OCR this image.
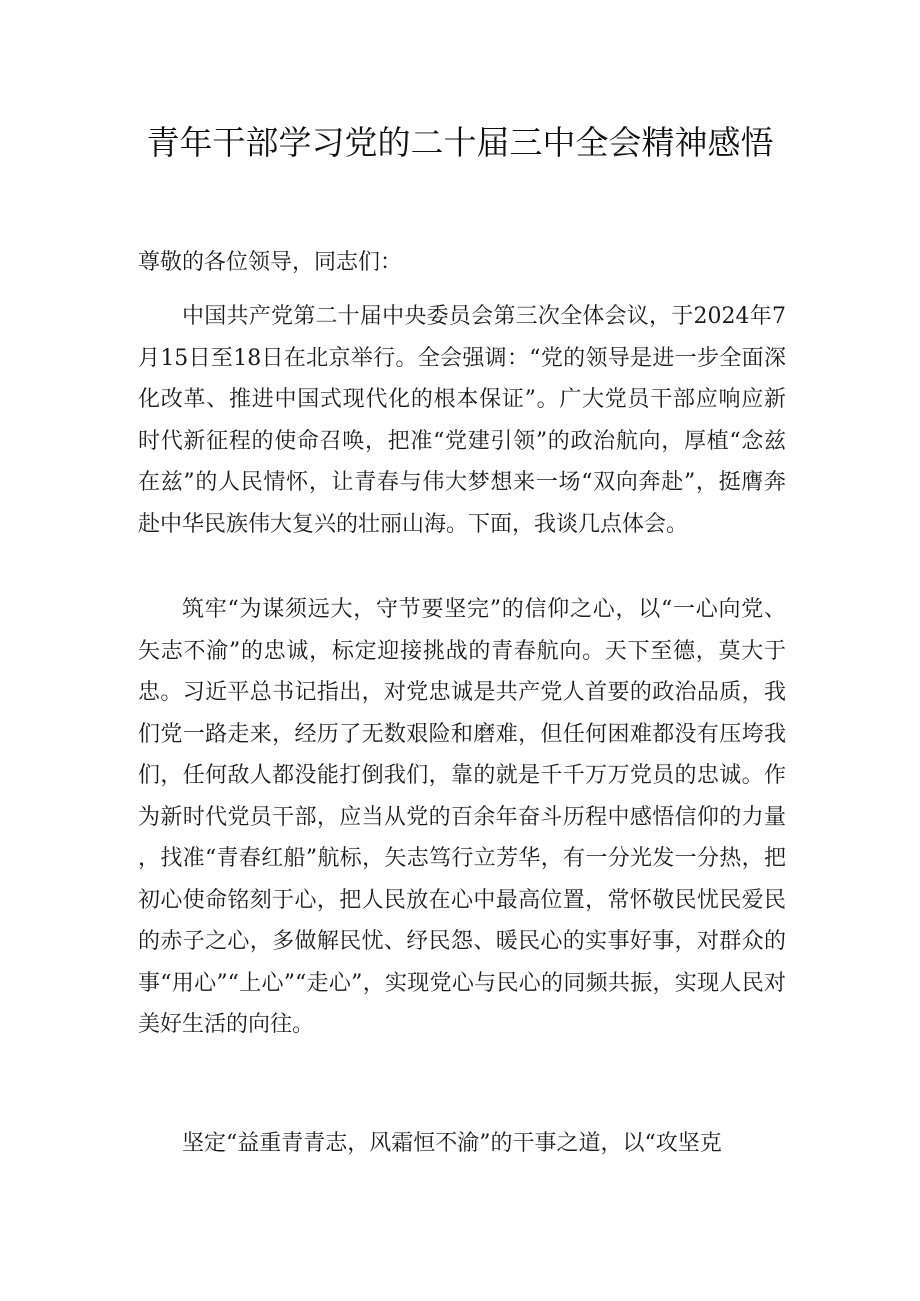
青年干部学习党的二十届三中全会精神感悟

尊敬的各位领导，同志们：

中国共产党第二十届中央委员会第三次全体会议，于2024年7月15日至18日在北京举行。全会强调：“党的领导是进一步全面深化改革、推进中国式现代化的根本保证”。广大党员干部应响应新时代新征程的使命召唤，把准“党建引领”的政治航向，厚植“念兹在兹”的人民情怀，让青春与伟大梦想来一场“双向奔赴”，挺膺奔赴中华民族伟大复兴的壮丽山海。下面，我谈几点体会。

筑牢“为谋须远大，守节要坚完”的信仰之心，以“一心向党、矢志不渝”的忠诚，标定迎接挑战的青春航向。天下至德，莫大于忠。习近平总书记指出，对党忠诚是共产党人首要的政治品质，我们党一路走来，经历了无数艰险和磨难，但任何困难都没有压垮我们，任何敌人都没能打倒我们，靠的就是千千万万党员的忠诚。作为新时代党员干部，应当从党的百余年奋斗历程中感悟信仰的力量，找准“青春红船”航标，矢志笃行立芳华，有一分光发一分热，把初心使命铭刻于心，把人民放在心中最高位置，常怀敬民忧民爱民的赤子之心，多做解民忧、纾民怨、暖民心的实事好事，对群众的事“用心”“上心”“走心”，实现党心与民心的同频共振，实现人民对美好生活的向往。

坚定“益重青青志，风霜恒不渝”的干事之道，以“攻坚克
